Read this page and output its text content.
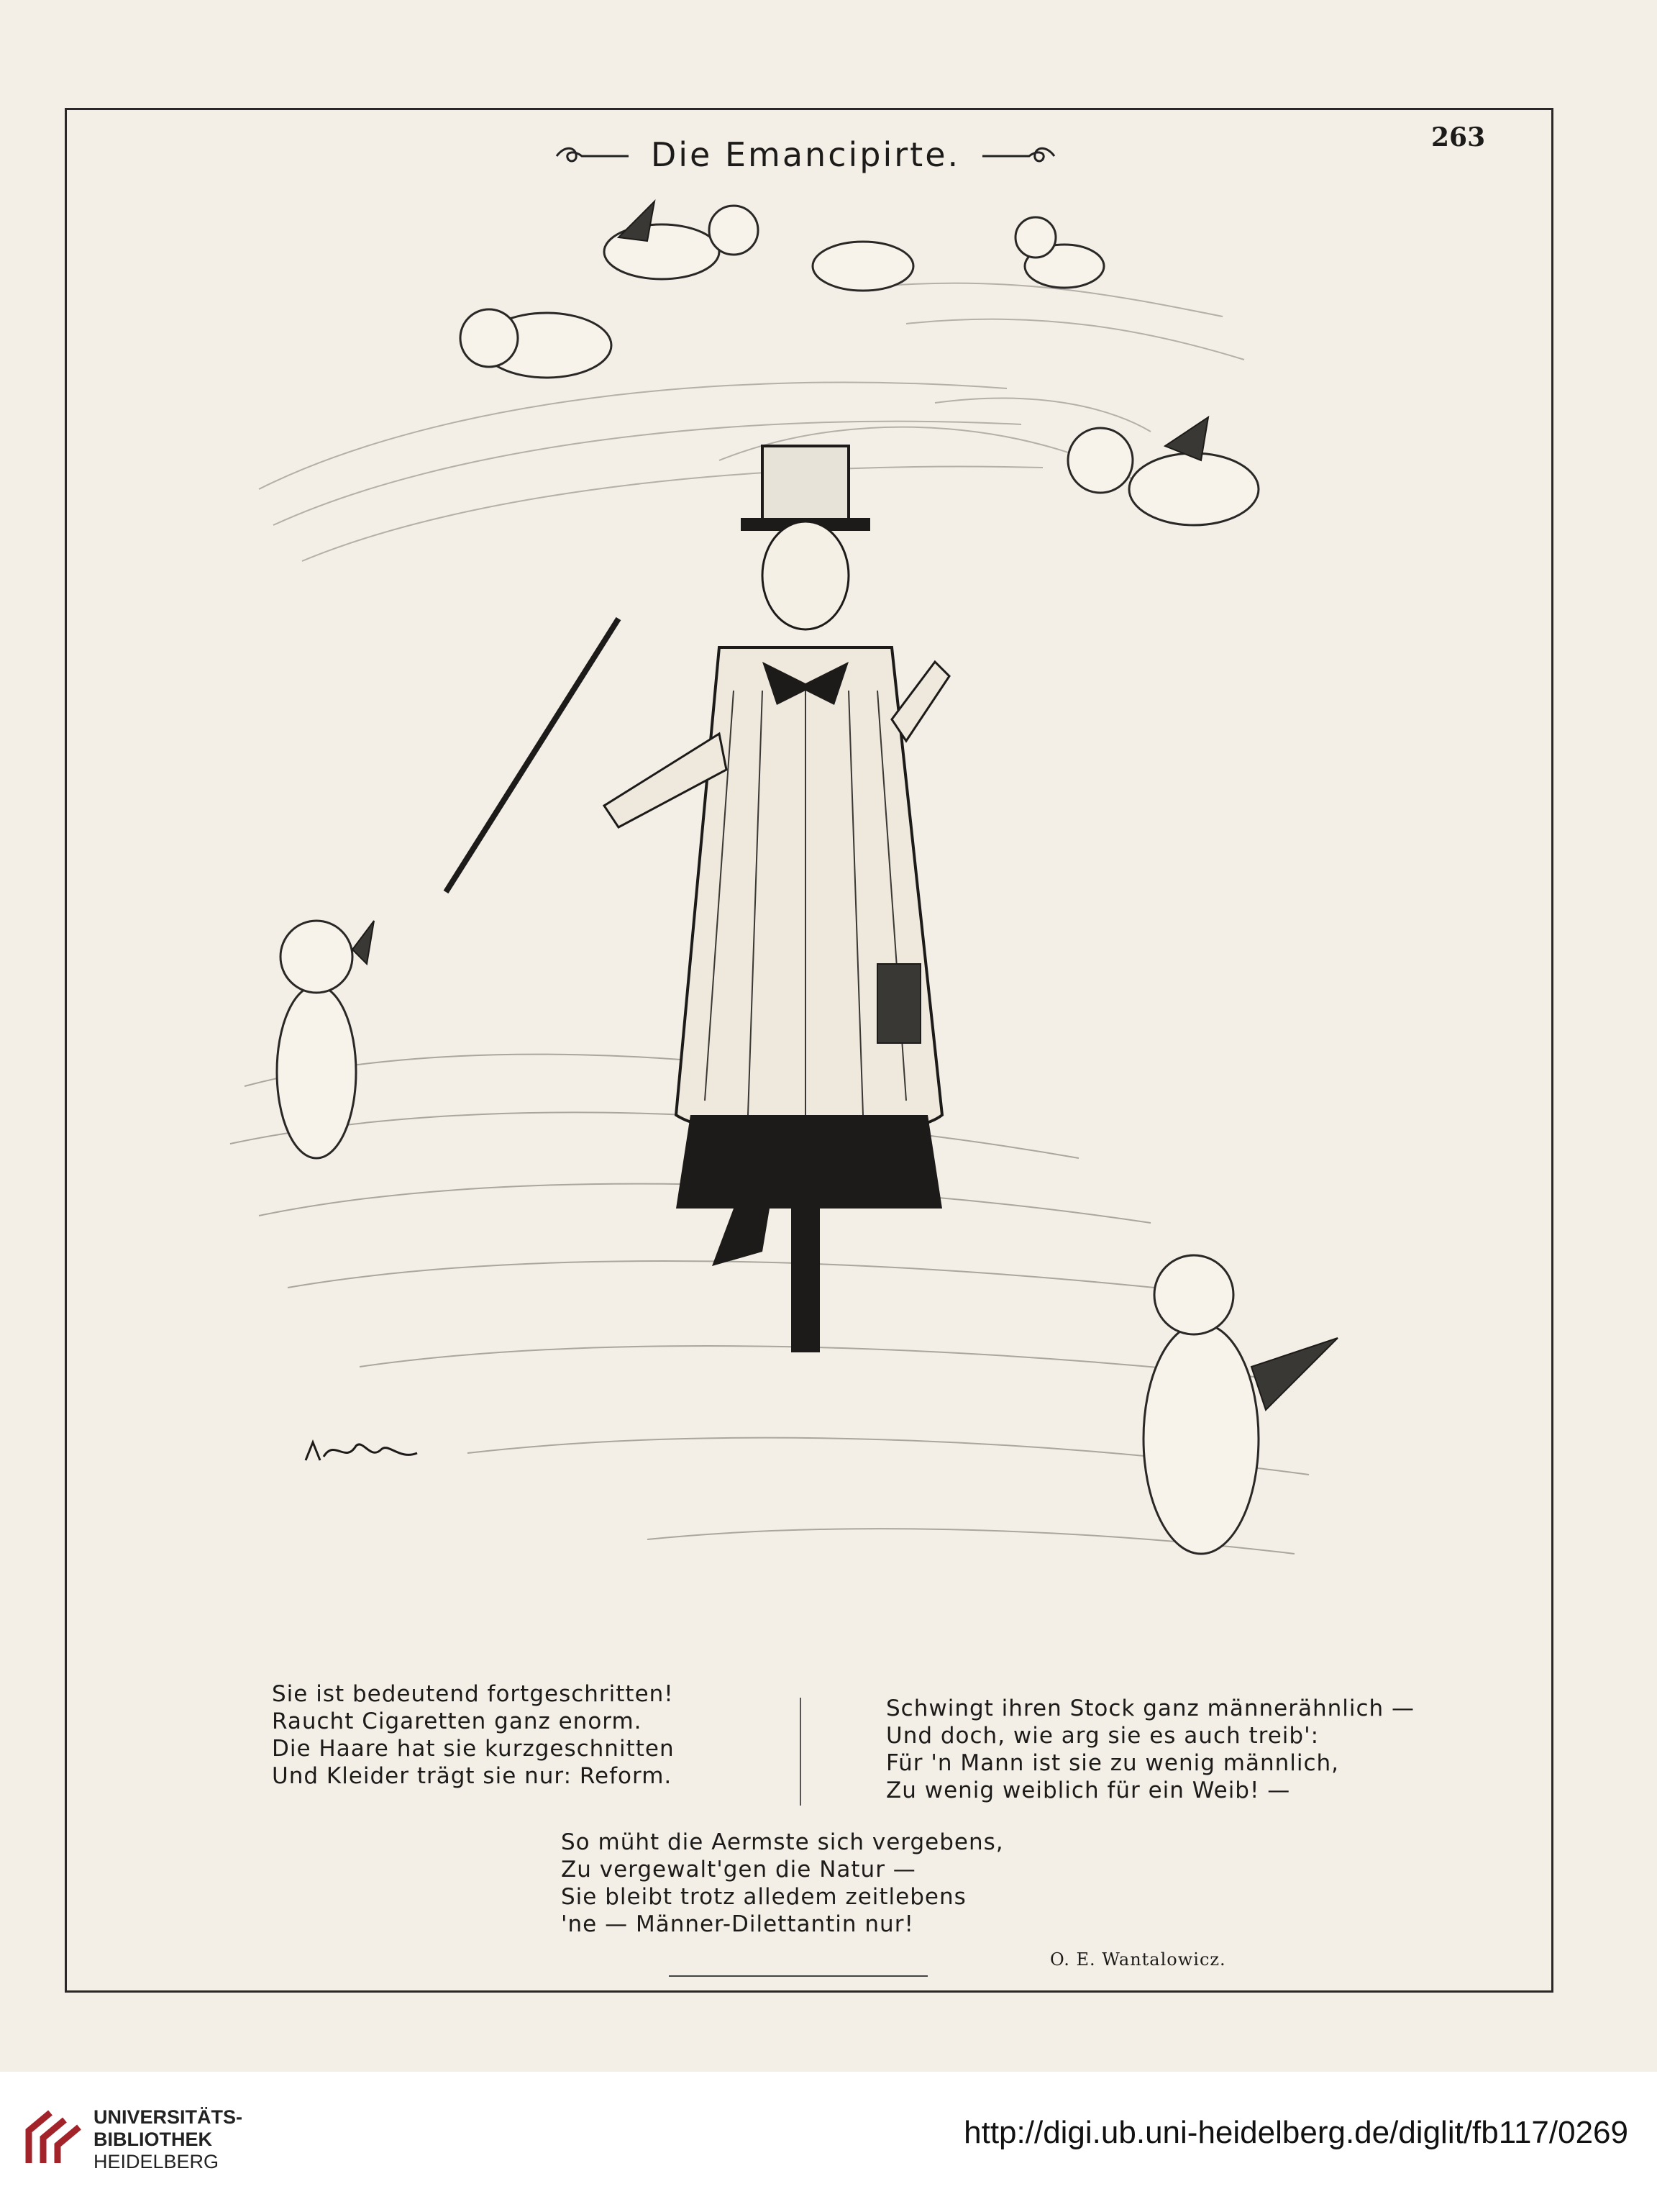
Die Emancipirte.	263
Sie ist bedeutend fortgeschritten!
Raucht Cigaretten ganz enorm.
Die Haare hat sie kurzgeschnitten
Und Kleider trägt sie nur: Reform.
Schwingt ihren Stock ganz männerähnlich —
Und doch, wie arg sie es auch treib':
Für 'n Mann ist sie zu wenig männlich,
Zu wenig weiblich für ein Weib! —
So müht die Aermste sich vergebens,
Zu vergewalt'gen die Natur —
Sie bleibt trotz alledem zeitlebens
'ne — Männer-Dilettantin nur!
O. E. Wantalowicz.
UNIVERSITÄTS-
BIBLIOTHEK
HEIDELBERG
http://digi.ub.uni-heidelberg.de/diglit/fb117/0269
